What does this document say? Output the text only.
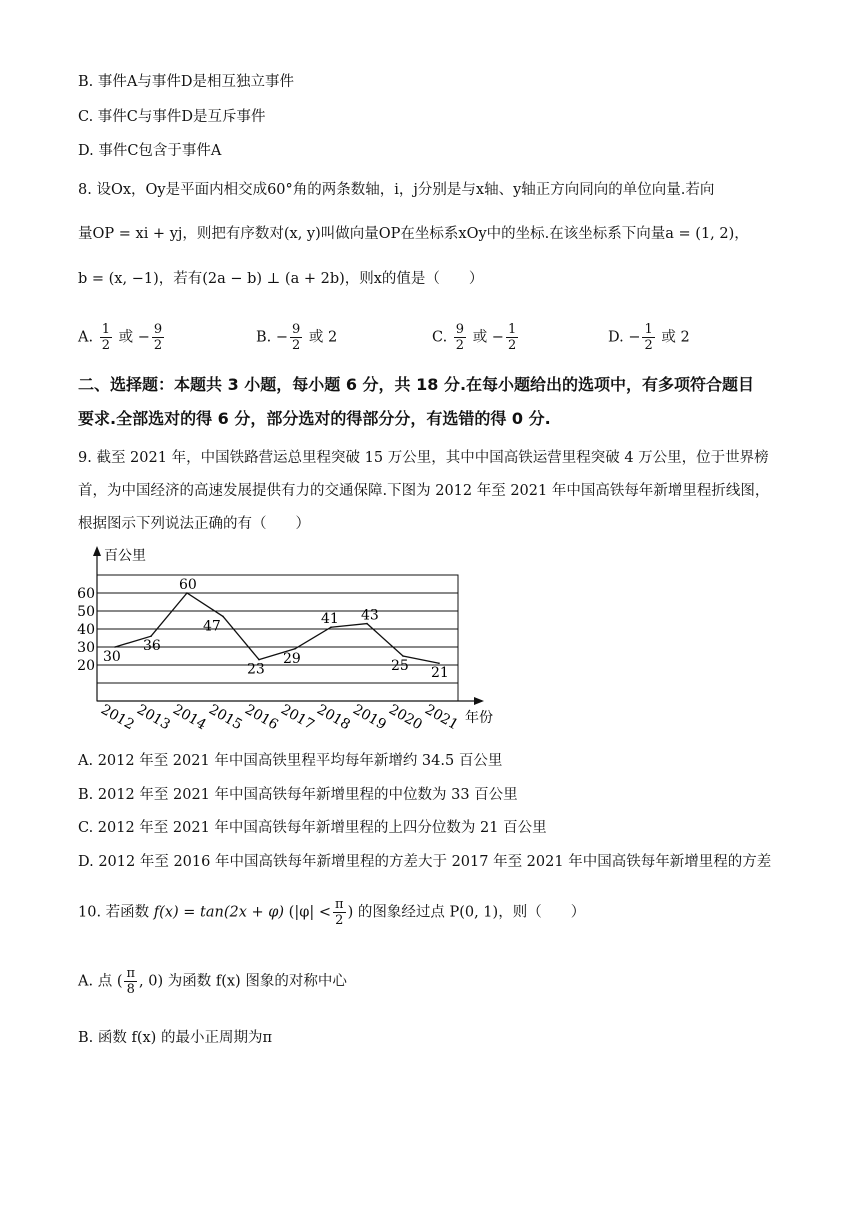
B. 事件A与事件D是相互独立事件
C. 事件C与事件D是互斥事件
D. 事件C包含于事件A
8. 设Ox，Oy是平面内相交成60°角的两条数轴，i，j分别是与x轴、y轴正方向同向的单位向量.若向
量OP = xi + yj，则把有序数对(x, y)叫做向量OP在坐标系xOy中的坐标.在该坐标系下向量a = (1, 2)，
b = (x, −1)，若有(2a − b) ⊥ (a + 2b)，则x的值是（　　）
A. $\frac{1}{2}$ 或 − $\frac{9}{2}$	B. − $\frac{9}{2}$ 或 2	C. $\frac{9}{2}$ 或 − $\frac{1}{2}$	D. − $\frac{1}{2}$ 或 2
二、选择题：本题共 3 小题，每小题 6 分，共 18 分.在每小题给出的选项中，有多项符合题目
要求.全部选对的得 6 分，部分选对的得部分分，有选错的得 0 分.
9. 截至 2021 年，中国铁路营运总里程突破 15 万公里，其中中国高铁运营里程突破 4 万公里，位于世界榜
首，为中国经济的高速发展提供有力的交通保障.下图为 2012 年至 2021 年中国高铁每年新增里程折线图，
根据图示下列说法正确的有（　　）
20
30
40
50
60
2012
2013
2014
2015
2016
2017
2018
2019
2020
2021
30
36
60
47
23
29
41 43
25 21
百公里
年份
A. 2012 年至 2021 年中国高铁里程平均每年新增约 34.5 百公里
B. 2012 年至 2021 年中国高铁每年新增里程的中位数为 33 百公里
C. 2012 年至 2021 年中国高铁每年新增里程的上四分位数为 21 百公里
D. 2012 年至 2016 年中国高铁每年新增里程的方差大于 2017 年至 2021 年中国高铁每年新增里程的方差
10. 若函数 f(x) = tan(2x + φ) ($|\varphi| < \frac{\pi}{2}$ ) 的图象经过点 P(0, 1)，则（　　）
A. 点 ( $\frac{\pi}{8}$ , 0) 为函数 f(x) 图象的对称中心
B. 函数 f(x) 的最小正周期为π
